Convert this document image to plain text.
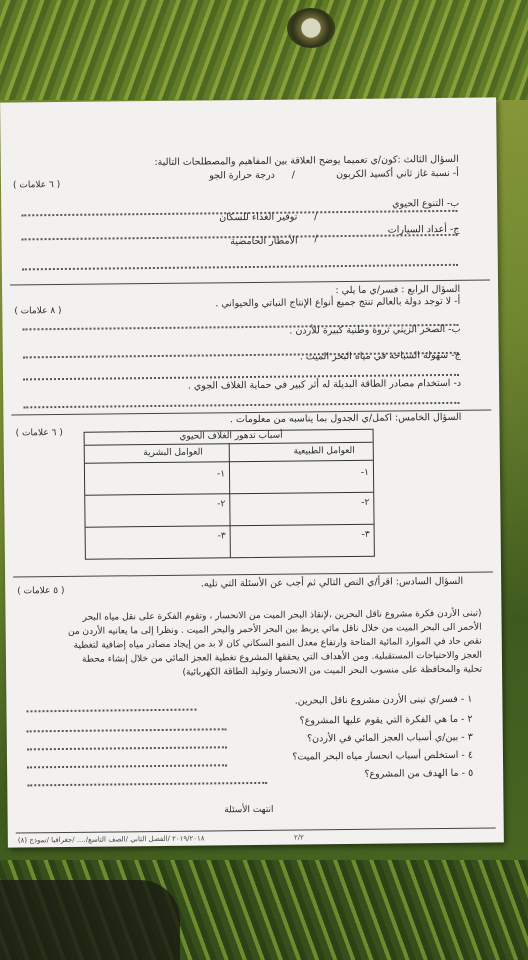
السؤال الثالث :كون/ي تعميما يوضح العلاقة بين المفاهيم والمصطلحات التالية:
( ٦ علامات )
أ- نسبة غاز ثاني أكسيد الكربون
/
درجة حرارة الجو
ب- التنوع الحيوي
/
توفير الغذاء للسكان
ج- أعداد السيارات
/
الأمطار الحامضية
السؤال الرابع : فسر/ي ما يلي :
( ٨ علامات )
أ- لا توجد دولة بالعالم تنتج جميع أنواع الإنتاج النباتي والحيواني .
ب- الصخر الزيتي ثروة وطنية كبيرة للأردن .
ج- سهولة السباحة في مياه البحر الميت .
د- استخدام مصادر الطاقة البديلة له أثر كبير في حماية الغلاف الجوي .
السؤال الخامس: اكمل/ي الجدول بما يناسبه من معلومات .
( ٦ علامات )	أسباب تدهور الغلاف الحيوي
العوامل الطبيعية
العوامل البشرية
١-
١-
٢-
٢-
٣-
٣-
السؤال السادس: اقرأ/ي النص التالي ثم أجب عن الأسئلة التي تليه.
( ٥ علامات )
(تبنى الأردن فكرة مشروع ناقل البحرين ،لإنقاذ البحر الميت من الانحسار ، وتقوم الفكرة على نقل مياه البحر
الأحمر الى البحر الميت من خلال ناقل مائي يربط بين البحر الأحمر والبحر الميت . ونظرا إلى ما يعانيه الأردن من
نقص حاد في الموارد المائية المتاحة وارتفاع معدل النمو السكاني كان لا بد من إيجاد مصادر مياه إضافية لتغطية
العجز والاحتياجات المستقبلية. ومن الأهداف التي يحققها المشروع تغطية العجز المائي من خلال إنشاء محطة
تحلية والمحافظة على منسوب البحر الميت من الانحسار وتوليد الطاقة الكهربائية)
١ - فسر/ي تبنى الأردن مشروع ناقل البحرين.
٢ - ما هي الفكرة التي يقوم عليها المشروع؟
٣ - بين/ي أسباب العجز المائي في الأردن؟
٤ - استخلص أسباب انحسار مياه البحر الميت؟
٥ - ما الهدف من المشروع؟
انتهت الأسئلة
٢/٢
٢٠١٩/٢٠١٨ /الفصل الثاني /الصف التاسع/.... /جغرافيا /نموذج (٨)
